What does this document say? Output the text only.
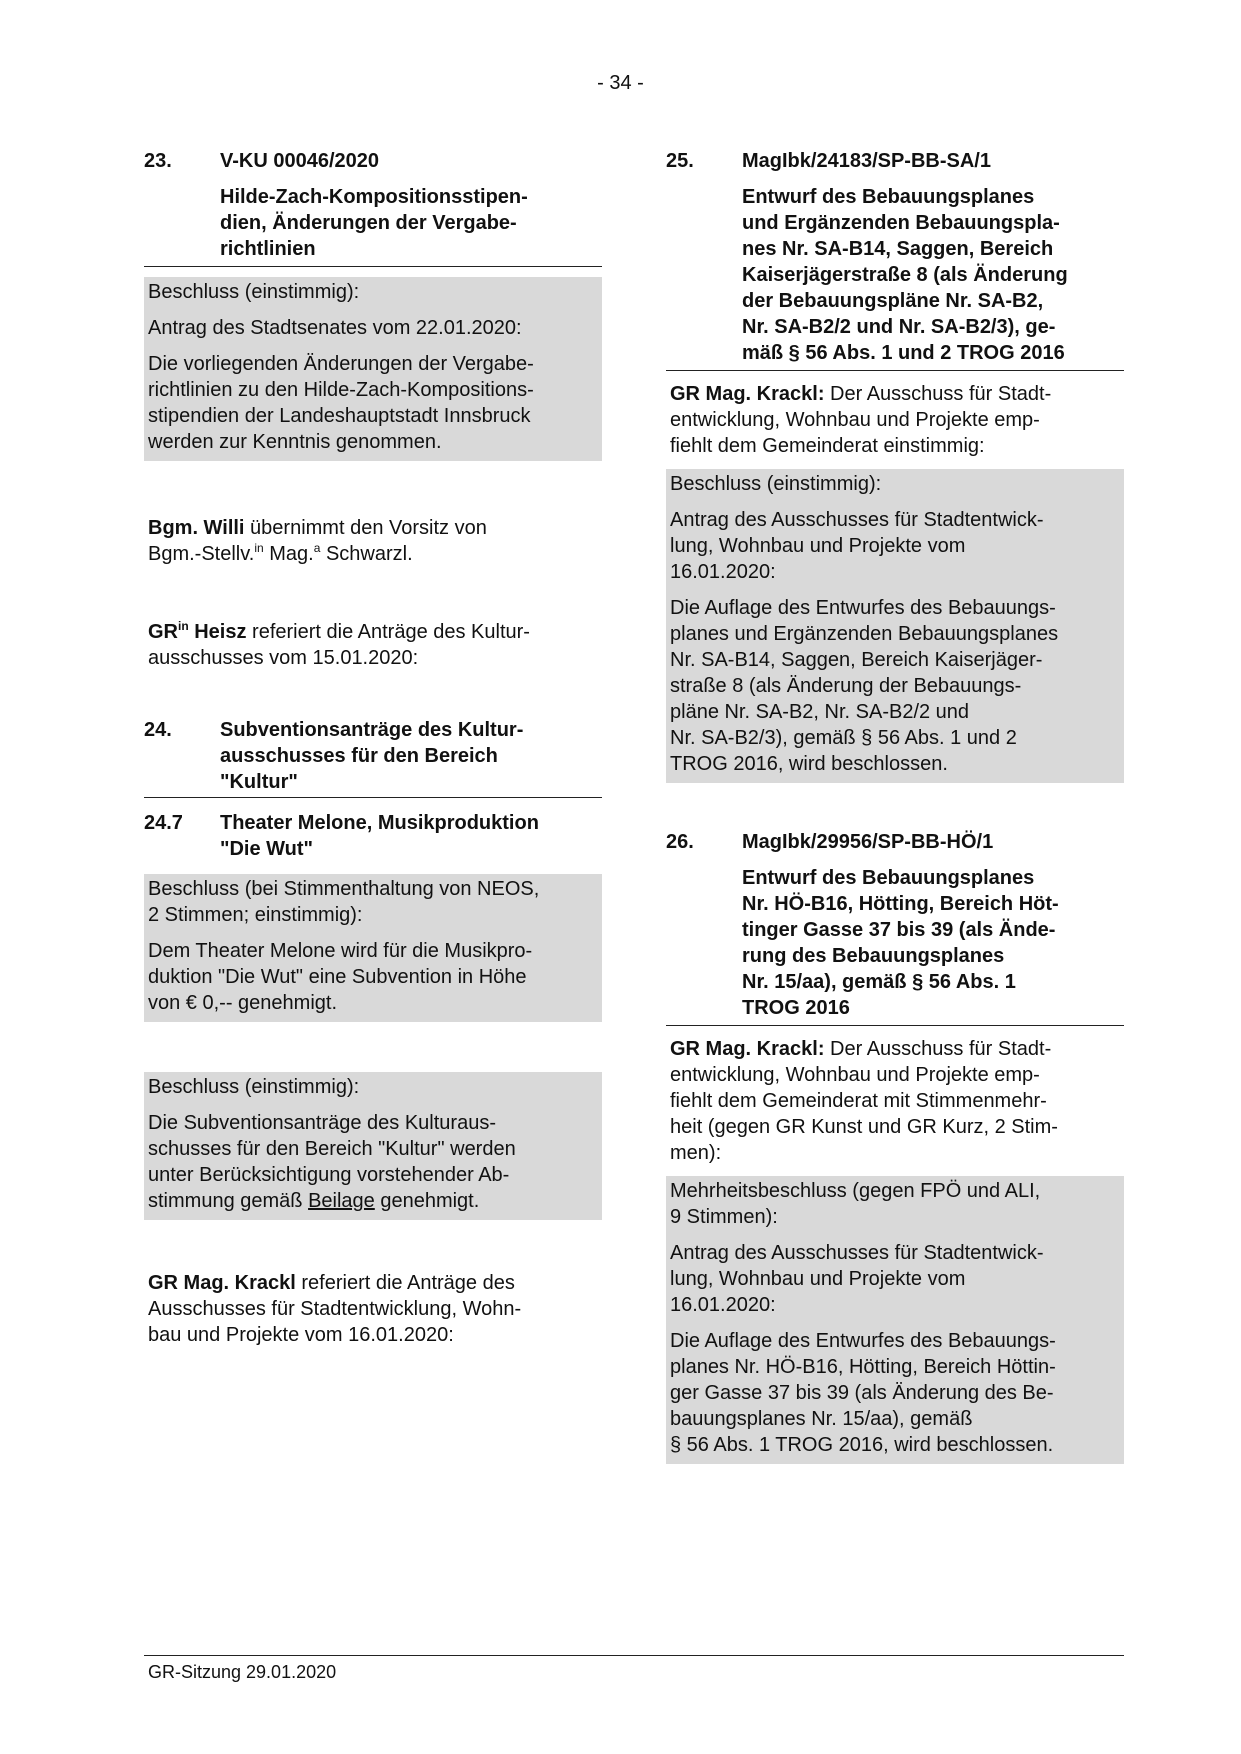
- 34 -
23.	V-KU 00046/2020
Hilde-Zach-Kompositionsstipen-
dien, Änderungen der Vergabe-
richtlinien

Beschluss (einstimmig):

Antrag des Stadtsenates vom 22.01.2020:

Die vorliegenden Änderungen der Vergabe-
richtlinien zu den Hilde-Zach-Kompositions-
stipendien der Landeshauptstadt Innsbruck
werden zur Kenntnis genommen.

Bgm. Willi übernimmt den Vorsitz von
Bgm.-Stellv.$^{in}$ Mag.$^a$ Schwarzl.

$GR^{in}$ Heisz referiert die Anträge des Kultur-
ausschusses vom 15.01.2020:

24.	Subventionsanträge des Kultur-
ausschusses für den Bereich
"Kultur"
24.7	Theater Melone, Musikproduktion
"Die Wut"

Beschluss (bei Stimmenthaltung von NEOS,
2 Stimmen; einstimmig):

Dem Theater Melone wird für die Musikpro-
duktion "Die Wut" eine Subvention in Höhe
von € 0,-- genehmigt.

Beschluss (einstimmig):

Die Subventionsanträge des Kulturaus-
schusses für den Bereich "Kultur" werden
unter Berücksichtigung vorstehender Ab-
stimmung gemäß Beilage genehmigt.

GR Mag. Krackl referiert die Anträge des
Ausschusses für Stadtentwicklung, Wohn-
bau und Projekte vom 16.01.2020:

25.	MagIbk/24183/SP-BB-SA/1
Entwurf des Bebauungsplanes
und Ergänzenden Bebauungspla-
nes Nr. SA-B14, Saggen, Bereich
Kaiserjägerstraße 8 (als Änderung
der Bebauungspläne Nr. SA-B2,
Nr. SA-B2/2 und Nr. SA-B2/3), ge-
mäß § 56 Abs. 1 und 2 TROG 2016

GR Mag. Krackl: Der Ausschuss für Stadt-
entwicklung, Wohnbau und Projekte emp-
fiehlt dem Gemeinderat einstimmig:

Beschluss (einstimmig):

Antrag des Ausschusses für Stadtentwick-
lung, Wohnbau und Projekte vom
16.01.2020:

Die Auflage des Entwurfes des Bebauungs-
planes und Ergänzenden Bebauungsplanes
Nr. SA-B14, Saggen, Bereich Kaiserjäger-
straße 8 (als Änderung der Bebauungs-
pläne Nr. SA-B2, Nr. SA-B2/2 und
Nr. SA-B2/3), gemäß § 56 Abs. 1 und 2
TROG 2016, wird beschlossen.

26.	MagIbk/29956/SP-BB-HÖ/1
Entwurf des Bebauungsplanes
Nr. HÖ-B16, Hötting, Bereich Höt-
tinger Gasse 37 bis 39 (als Ände-
rung des Bebauungsplanes
Nr. 15/aa), gemäß § 56 Abs. 1
TROG 2016

GR Mag. Krackl: Der Ausschuss für Stadt-
entwicklung, Wohnbau und Projekte emp-
fiehlt dem Gemeinderat mit Stimmenmehr-
heit (gegen GR Kunst und GR Kurz, 2 Stim-
men):

Mehrheitsbeschluss (gegen FPÖ und ALI,
9 Stimmen):

Antrag des Ausschusses für Stadtentwick-
lung, Wohnbau und Projekte vom
16.01.2020:

Die Auflage des Entwurfes des Bebauungs-
planes Nr. HÖ-B16, Hötting, Bereich Höttin-
ger Gasse 37 bis 39 (als Änderung des Be-
bauungsplanes Nr. 15/aa), gemäß
§ 56 Abs. 1 TROG 2016, wird beschlossen.

GR-Sitzung 29.01.2020
